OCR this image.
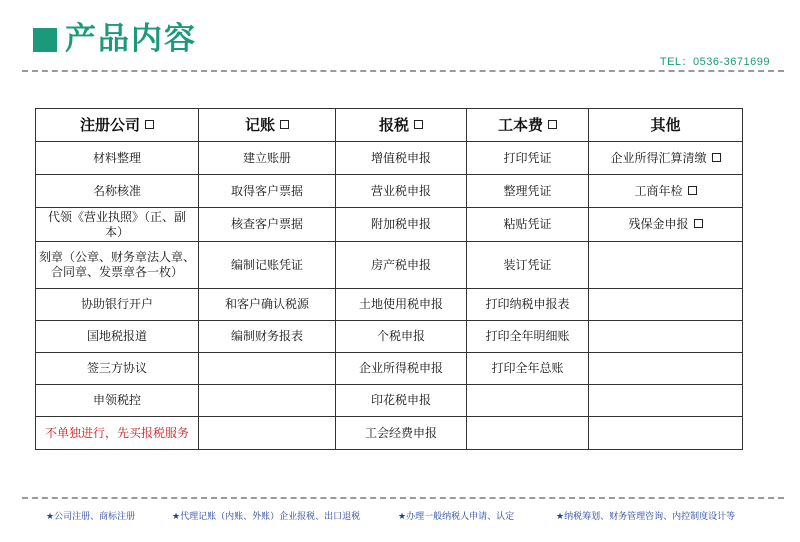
产品内容
TEL：0536-3671699
注册公司	记账	报税	工本费	其他
材料整理	建立账册	增值税申报	打印凭证	企业所得汇算清缴
名称核准	取得客户票据	营业税申报	整理凭证	工商年检
代领《营业执照》（正、副本）	核查客户票据	附加税申报	粘贴凭证	残保金申报
刻章（公章、财务章法人章、合同章、发票章各一枚）	编制记账凭证	房产税申报	装订凭证	
协助银行开户	和客户确认税源	土地使用税申报	打印纳税申报表	
国地税报道	编制财务报表	个税申报	打印全年明细账	
签三方协议		企业所得税申报	打印全年总账	
申领税控		印花税申报		
不单独进行，先买报税服务		工会经费申报		
★公司注册、商标注册	★代理记账（内账、外账）企业报税、出口退税	★办理一般纳税人申请、认定	★纳税筹划、财务管理咨询、内控制度设计等
